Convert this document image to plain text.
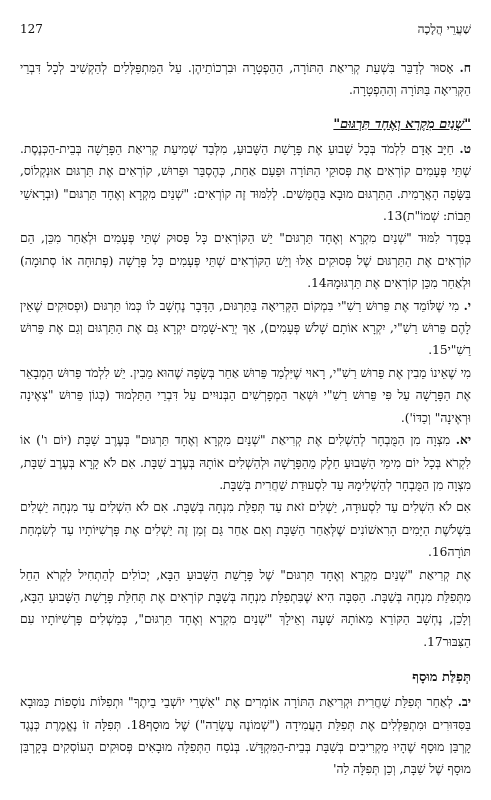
שַׁעֲרֵי הֲלָכָה
127

ח. אָסוּר לְדַבֵּר בִּשְׁעַת קְרִיאַת הַתּוֹרָה, הַהַפְטָרָה וּבִרְכוֹתֵיהֶן. עַל הַמִּתְפַּלְּלִים לְהַקְשִׁיב לְכָל דִּבְרֵי הַקְּרִיאָה בַּתּוֹרָה וְהַהַפְטָרָה.

"שְׁנַיִם מִקְרָא וְאֶחָד תַּרְגּוּם"

ט. חַיָּב אָדָם לִלְמֹד בְּכָל שָׁבוּעַ אֶת פָּרָשַׁת הַשָּׁבוּעַ, מִלְּבַד שְׁמִיעַת קְרִיאַת הַפָּרָשָׁה בְּבֵית-הַכְּנֶסֶת. שְׁתֵּי פְּעָמִים קוֹרְאִים אֶת פְּסוּקֵי הַתּוֹרָה וּפַעַם אַחַת, כְּהֶסְבֵּר וּפֵרוּשׁ, קוֹרְאִים אֶת תַּרְגּוּם אוּנְקְלוֹס, בַּשָּׂפָה הָאֲרָמִית. הַתַּרְגּוּם מוּבָא בַּחֻמָּשִׁים. לְלִמּוּד זֶה קוֹרְאִים: "שְׁנַיִם מִקְרָא וְאֶחָד תַּרְגּוּם" (וּבְרָאשֵׁי תֵּבוֹת: שְׁמוֹ"ת)13.

בְּסֵדֶר לִמּוּד "שְׁנַיִם מִקְרָא וְאֶחָד תַּרְגּוּם" יֵשׁ הַקּוֹרְאִים כָּל פָּסוּק שְׁתֵּי פְּעָמִים וּלְאַחַר מִכֵּן, הֵם קוֹרְאִים אֶת הַתַּרְגּוּם שֶׁל פְּסוּקִים אֵלּוּ וְיֵשׁ הַקּוֹרְאִים שְׁתֵּי פְּעָמִים כָּל פָּרָשָׁה (פְּתוּחָה אוֹ סְתוּמָה) וּלְאַחַר מִכֵּן קוֹרְאִים אֶת תַּרְגּוּמָהּ14.

י. מִי שֶׁלּוֹמֵד אֶת פֵּרוּשׁ רַשִׁ"י בִּמְקוֹם הַקְּרִיאָה בַּתַּרְגּוּם, הַדָּבָר נֶחְשָׁב לוֹ כְּמוֹ תַּרְגּוּם (וּפְסוּקִים שֶׁאֵין לָהֶם פֵּרוּשׁ רַשִׁ"י, יִקְרָא אוֹתָם שָׁלֹשׁ פְּעָמִים), אַךְ יְרֵא-שָׁמַיִם יִקְרָא גַּם אֶת הַתַּרְגּוּם וְגַם אֶת פֵּרוּשׁ רַשִׁ"י15.

מִי שֶׁאֵינוֹ מֵבִין אֶת פֵּרוּשׁ רַשִׁ"י, רָאוּי שֶׁיִּלְמַד פֵּרוּשׁ אַחֵר בְּשָׂפָה שֶׁהוּא מֵבִין. יֵשׁ לִלְמֹד פֵּרוּשׁ הַמְבָאֵר אֶת הַפָּרָשָׁה עַל פִּי פֵּרוּשׁ רַשִׁ"י וּשְׁאַר הַמְפָרְשִׁים הַבְּנוּיִים עַל דִּבְרֵי הַתַּלְמוּד (כְּגוֹן פֵּרוּשׁ "צְאֶינָה וּרְאֶינָה" וְכַדּוֹ').

יא. מִצְוָה מִן הַמֻּבְחָר לְהַשְׁלִים אֶת קְרִיאַת "שְׁנַיִם מִקְרָא וְאֶחָד תַּרְגּוּם" בְּעֶרֶב שַׁבָּת (יוֹם ו') אוֹ לִקְרֹא בְּכָל יוֹם מִימֵי הַשָּׁבוּעַ חֵלֶק מֵהַפָּרָשָׁה וּלְהַשְׁלִים אוֹתָהּ בְּעֶרֶב שַׁבָּת. אִם לֹא קָרָא בְּעֶרֶב שַׁבָּת, מִצְוָה מִן הַמֻּבְחָר לְהַשְׁלִימָהּ עַד לִסְעוּדַת שַׁחֲרִית בְּשַׁבָּת.

אִם לֹא הִשְׁלִים עַד לִסְעוּדָה, יַשְׁלִים זֹאת עַד תְּפִלַּת מִנְחָה בְּשַׁבָּת. אִם לֹא הִשְׁלִים עַד מִנְחָה יַשְׁלִים בִּשְׁלֹשֶׁת הַיָּמִים הָרִאשׁוֹנִים שֶׁלְּאַחַר הַשַּׁבָּת וְאִם אַחַר גַּם זְמַן זֶה יַשְׁלִים אֶת פָּרְשִׁיּוֹתָיו עַד לְשִׂמְחַת תּוֹרָה16.

אֶת קְרִיאַת "שְׁנַיִם מִקְרָא וְאֶחָד תַּרְגּוּם" שֶׁל פָּרָשַׁת הַשָּׁבוּעַ הַבָּא, יְכוֹלִים לְהַתְחִיל לִקְרֹא הַחֵל מִתְּפִלַּת מִנְחָה בְּשַׁבָּת. הַסִּבָּה הִיא שֶׁבִּתְפִלַּת מִנְחָה בְּשַׁבָּת קוֹרְאִים אֶת תְּחִלַּת פָּרָשַׁת הַשָּׁבוּעַ הַבָּא, וְלָכֵן, נֶחְשָׁב הַקּוֹרֵא מֵאוֹתָהּ שָׁעָה וְאֵילָךְ "שְׁנַיִם מִקְרָא וְאֶחָד תַּרְגּוּם", כְּמַשְׁלִים פָּרְשִׁיּוֹתָיו עִם הַצִּבּוּר17.

תְּפִלַּת מוּסָף

יב. לְאַחַר תְּפִלַּת שַׁחֲרִית וּקְרִיאַת הַתּוֹרָה אוֹמְרִים אֶת "אַשְׁרֵי יוֹשְׁבֵי בֵיתֶךָ" וּתְפִלּוֹת נוֹסָפוֹת כַּמּוּבָא בַּסִּדּוּרִים וּמִתְפַּלְּלִים אֶת תְּפִלַּת הָעֲמִידָה ("שְׁמוֹנֶה עֶשְׂרֵה") שֶׁל מוּסָף18. תְּפִלָּה זוֹ נֶאֱמֶרֶת כְּנֶגֶד קָרְבַּן מוּסָף שֶׁהָיוּ מַקְרִיבִים בְּשַׁבָּת בְּבֵית-הַמִּקְדָּשׁ. בְּנֹסַח הַתְּפִלָּה מוּבָאִים פְּסוּקִים הָעוֹסְקִים בְּקָרְבַּן מוּסָף שֶׁל שַׁבָּת, וְכֵן תְּפִלָּה לַה'
